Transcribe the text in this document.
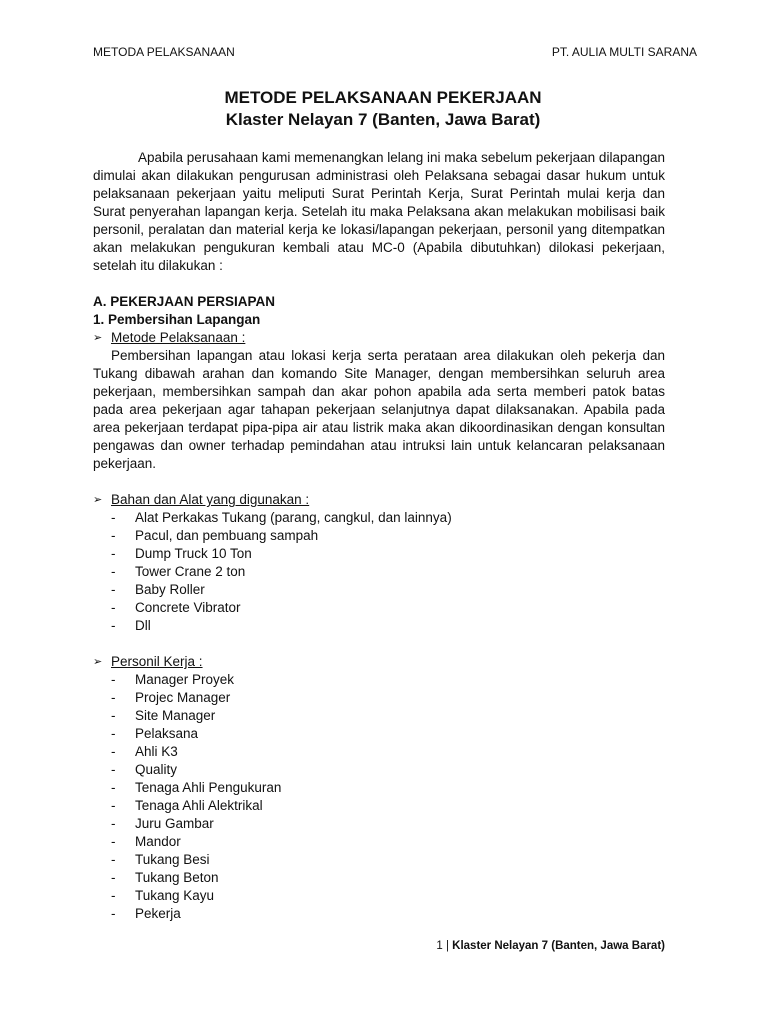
METODA PELAKSANAAN	PT. AULIA MULTI SARANA
METODE PELAKSANAAN PEKERJAAN
Klaster Nelayan 7 (Banten, Jawa Barat)

Apabila perusahaan kami memenangkan lelang ini maka sebelum pekerjaan dilapangan dimulai akan dilakukan pengurusan administrasi oleh Pelaksana sebagai dasar hukum untuk pelaksanaan pekerjaan yaitu meliputi Surat Perintah Kerja, Surat Perintah mulai kerja dan Surat penyerahan lapangan kerja. Setelah itu maka Pelaksana akan melakukan mobilisasi baik personil, peralatan dan material kerja ke lokasi/lapangan pekerjaan, personil yang ditempatkan akan melakukan pengukuran kembali atau MC-0 (Apabila dibutuhkan) dilokasi pekerjaan, setelah itu dilakukan :

A. PEKERJAAN PERSIAPAN

1. Pembersihan Lapangan

➢ Metode Pelaksanaan :

Pembersihan lapangan atau lokasi kerja serta perataan area dilakukan oleh pekerja dan Tukang dibawah arahan dan komando Site Manager, dengan membersihkan seluruh area pekerjaan, membersihkan sampah dan akar pohon apabila ada serta memberi patok batas pada area pekerjaan agar tahapan pekerjaan selanjutnya dapat dilaksanakan. Apabila pada area pekerjaan terdapat pipa-pipa air atau listrik maka akan dikoordinasikan dengan konsultan pengawas dan owner terhadap pemindahan atau intruksi lain untuk kelancaran pelaksanaan pekerjaan.

➢ Bahan dan Alat yang digunakan :
- Alat Perkakas Tukang (parang, cangkul, dan lainnya)
- Pacul, dan pembuang sampah
- Dump Truck 10 Ton
- Tower Crane 2 ton
- Baby Roller
- Concrete Vibrator
- Dll
➢ Personil Kerja :
- Manager Proyek
- Projec Manager
- Site Manager
- Pelaksana
- Ahli K3
- Quality
- Tenaga Ahli Pengukuran
- Tenaga Ahli Alektrikal
- Juru Gambar
- Mandor
- Tukang Besi
- Tukang Beton
- Tukang Kayu
- Pekerja
1 | Klaster Nelayan 7 (Banten, Jawa Barat)
